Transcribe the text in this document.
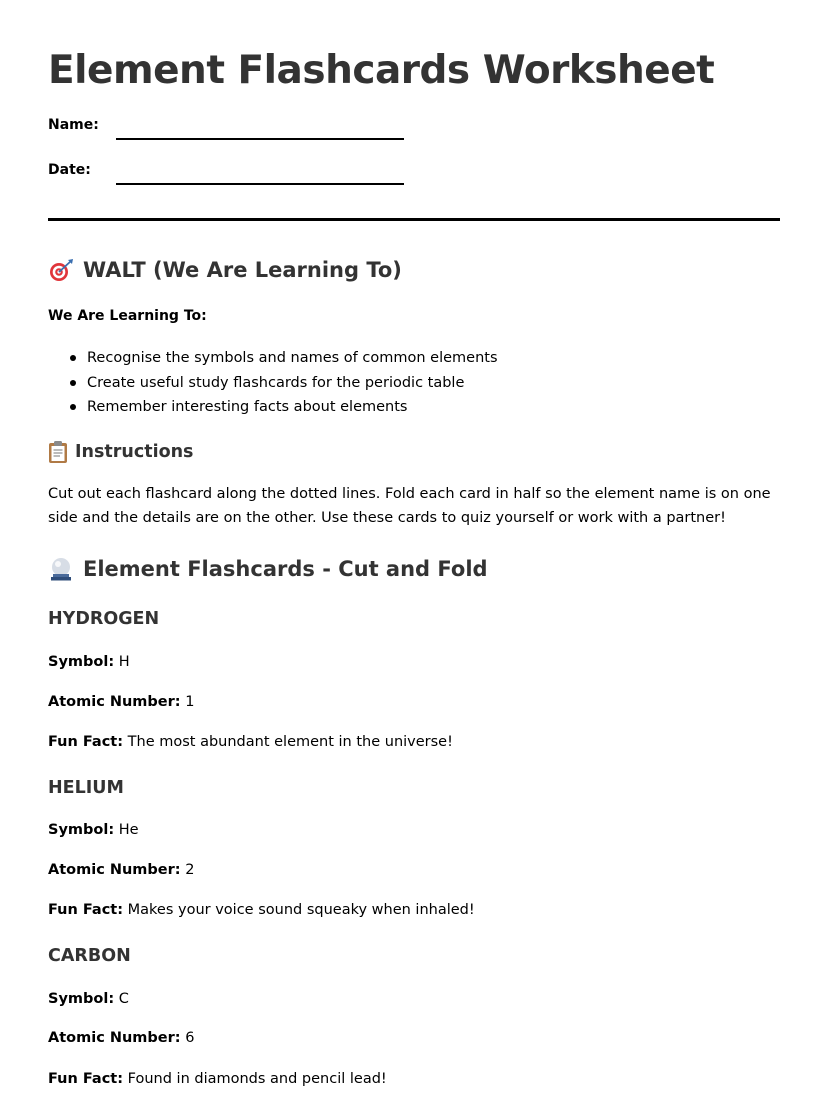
Element Flashcards Worksheet
Name:
Date:
WALT (We Are Learning To)
We Are Learning To:
Recognise the symbols and names of common elements
Create useful study flashcards for the periodic table
Remember interesting facts about elements
Instructions

Cut out each flashcard along the dotted lines. Fold each card in half so the element name is on one side and the details are on the other. Use these cards to quiz yourself or work with a partner!

Element Flashcards - Cut and Fold
HYDROGEN
Symbol: H
Atomic Number: 1
Fun Fact: The most abundant element in the universe!
HELIUM
Symbol: He
Atomic Number: 2
Fun Fact: Makes your voice sound squeaky when inhaled!
CARBON
Symbol: C
Atomic Number: 6
Fun Fact: Found in diamonds and pencil lead!
